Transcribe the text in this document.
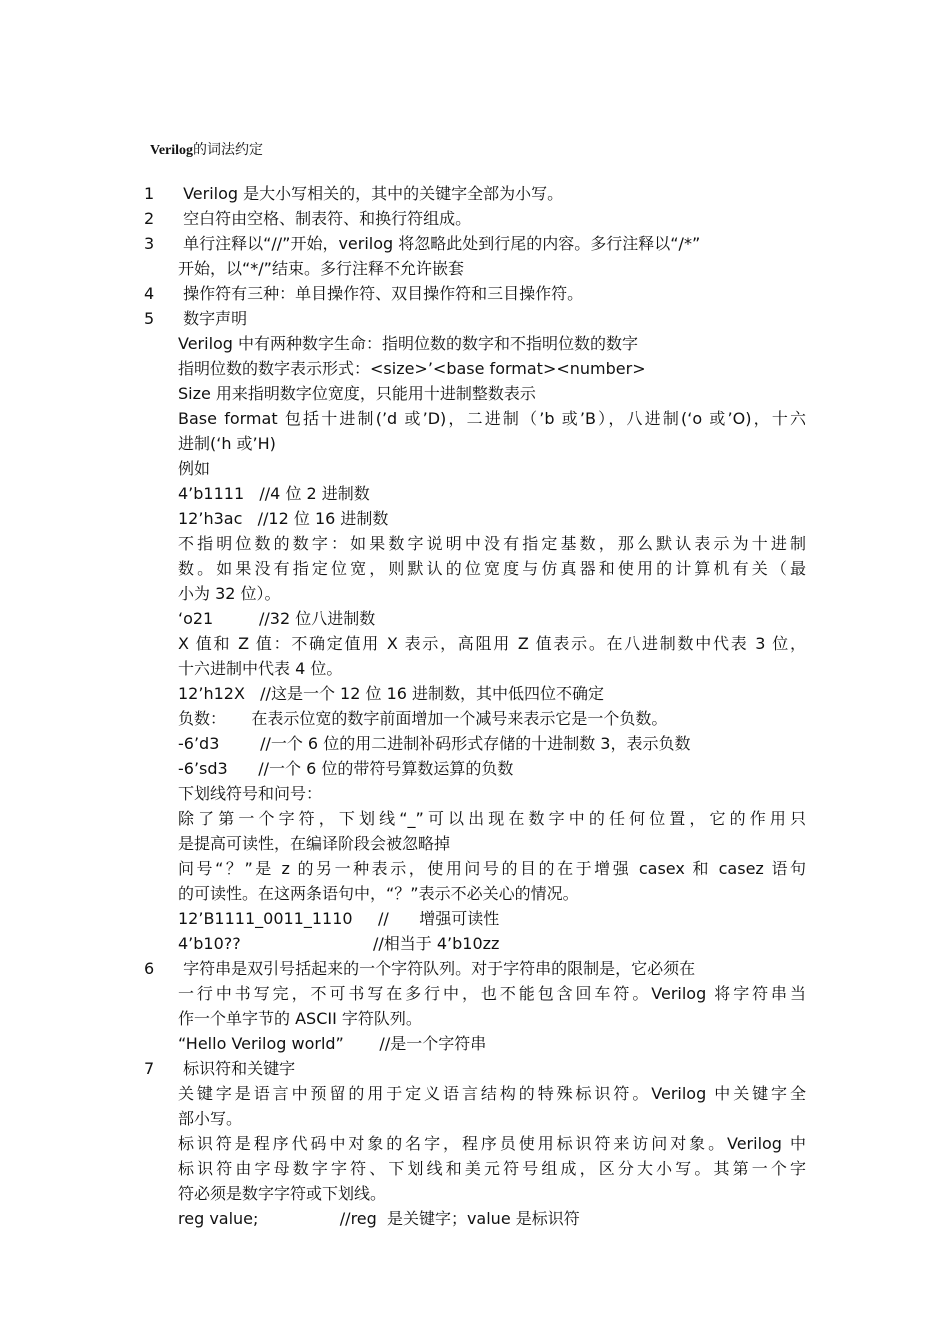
Verilog的词法约定
1 Verilog 是大小写相关的，其中的关键字全部为小写。
2 空白符由空格、制表符、和换行符组成。
3 单行注释以“//”开始，verilog 将忽略此处到行尾的内容。多行注释以“/*”
开始，以“*/”结束。多行注释不允许嵌套
4 操作符有三种：单目操作符、双目操作符和三目操作符。
5 数字声明
Verilog 中有两种数字生命：指明位数的数字和不指明位数的数字
指明位数的数字表示形式：<size>’<base format><number>
Size 用来指明数字位宽度，只能用十进制整数表示
Base format 包括十进制(’d 或’D)，二进制（’b 或’B），八进制(‘o 或’O)，十六
进制(‘h 或’H)
例如
4’b1111   //4 位 2 进制数
12’h3ac   //12 位 16 进制数
不指明位数的数字：如果数字说明中没有指定基数，那么默认表示为十进制
数。如果没有指定位宽，则默认的位宽度与仿真器和使用的计算机有关（最
小为 32 位）。
‘o21         //32 位八进制数
X 值和 Z 值：不确定值用 X 表示，高阻用 Z 值表示。在八进制数中代表 3 位，
十六进制中代表 4 位。
12’h12X   //这是一个 12 位 16 进制数，其中低四位不确定
负数：     在表示位宽的数字前面增加一个减号来表示它是一个负数。
-6’d3        //一个 6 位的用二进制补码形式存储的十进制数 3，表示负数
-6’sd3      //一个 6 位的带符号算数运算的负数
下划线符号和问号：
除了第一个字符，下划线“_”可以出现在数字中的任何位置，它的作用只
是提高可读性，在编译阶段会被忽略掉
问号“？”是 z 的另一种表示，使用问号的目的在于增强 casex 和 casez 语句
的可读性。在这两条语句中，“？”表示不必关心的情况。
12’B1111_0011_1110     //      增强可读性
4’b10??                          //相当于 4’b10zz
6 字符串是双引号括起来的一个字符队列。对于字符串的限制是，它必须在
一行中书写完，不可书写在多行中，也不能包含回车符。Verilog 将字符串当
作一个单字节的 ASCII 字符队列。
“Hello Verilog world”       //是一个字符串
7 标识符和关键字
关键字是语言中预留的用于定义语言结构的特殊标识符。Verilog 中关键字全
部小写。
标识符是程序代码中对象的名字，程序员使用标识符来访问对象。Verilog 中
标识符由字母数字字符、下划线和美元符号组成，区分大小写。其第一个字
符必须是数字字符或下划线。
reg value;                //reg  是关键字；value 是标识符
